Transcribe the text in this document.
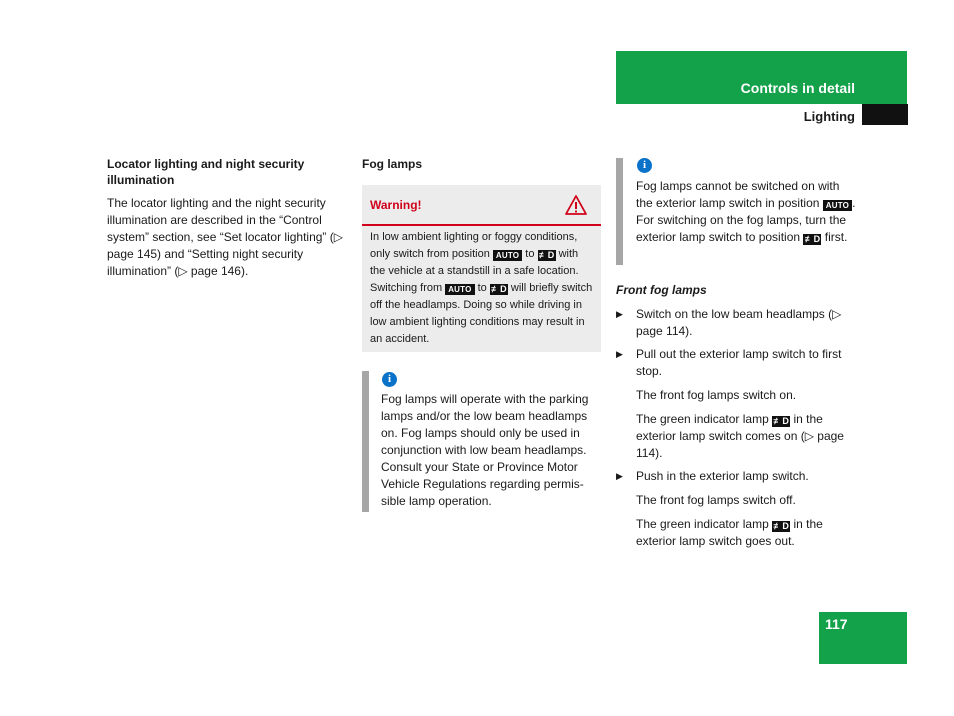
Controls in detail
Lighting
Locator lighting and night security illumination
The locator lighting and the night security illumination are described in the “Control system” section, see “Set locator lighting” (▷ page 145) and “Setting night security illumination” (▷ page 146).
Fog lamps
Warning!
In low ambient lighting or foggy conditions, only switch from position AUTO to ≢D with the vehicle at a standstill in a safe location. Switching from AUTO to ≢D will briefly switch off the headlamps. Doing so while driving in low ambient lighting conditions may result in an accident.
i
Fog lamps will operate with the parking lamps and/or the low beam headlamps on. Fog lamps should only be used in conjunction with low beam headlamps. Consult your State or Province Motor Vehicle Regulations regarding permis-sible lamp operation.
i
Fog lamps cannot be switched on with the exterior lamp switch in position AUTO . For switching on the fog lamps, turn the exterior lamp switch to position ≢D first.
Front fog lamps
▶	Switch on the low beam headlamps (▷ page 114).
▶	Pull out the exterior lamp switch to first stop.
The front fog lamps switch on.
The green indicator lamp ≢D in the exterior lamp switch comes on (▷ page 114).
▶	Push in the exterior lamp switch.
The front fog lamps switch off.
The green indicator lamp ≢D in the exterior lamp switch goes out.
117
